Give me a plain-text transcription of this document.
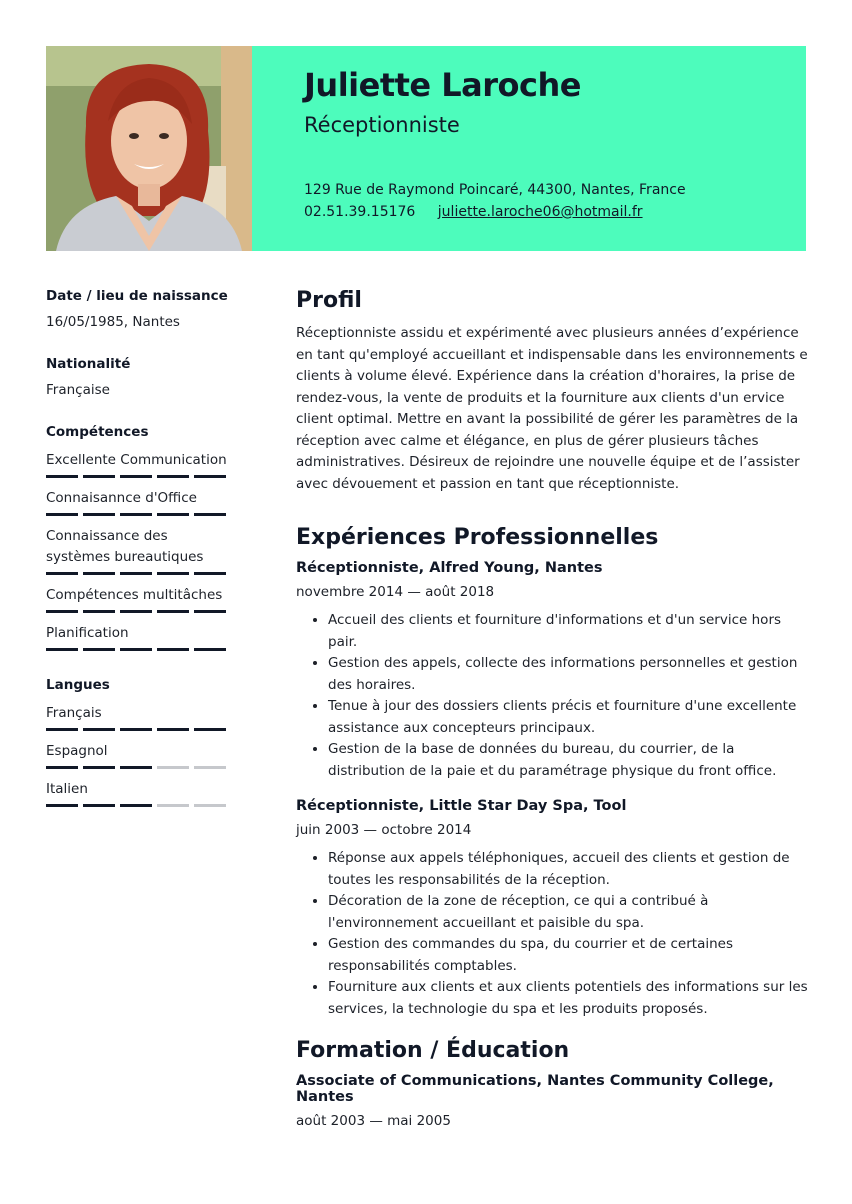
Juliette Laroche
Réceptionniste
129 Rue de Raymond Poincaré, 44300, Nantes, France
02.51.39.15176 juliette.laroche06@hotmail.fr
Date / lieu de naissance
16/05/1985, Nantes
Nationalité
Française
Compétences
Excellente Communication
Connaisannce d'Office
Connaissance des systèmes bureautiques
Compétences multitâches
Planification
Langues
Français
Espagnol
Italien
Profil

Réceptionniste assidu et expérimenté avec plusieurs années d’expérience en tant qu'employé accueillant et indispensable dans les environnements e clients à volume élevé. Expérience dans la création d'horaires, la prise de rendez-vous, la vente de produits et la fourniture aux clients d'un ervice client optimal. Mettre en avant la possibilité de gérer les paramètres de la réception avec calme et élégance, en plus de gérer plusieurs tâches administratives. Désireux de rejoindre une nouvelle équipe et de l’assister avec dévouement et passion en tant que réceptionniste.

Expériences Professionnelles
Réceptionniste, Alfred Young, Nantes
novembre 2014 — août 2018
• Accueil des clients et fourniture d'informations et d'un service hors pair.
• Gestion des appels, collecte des informations personnelles et gestion des horaires.
• Tenue à jour des dossiers clients précis et fourniture d'une excellente assistance aux concepteurs principaux.
• Gestion de la base de données du bureau, du courrier, de la distribution de la paie et du paramétrage physique du front office.
Réceptionniste, Little Star Day Spa, Tool
juin 2003 — octobre 2014
• Réponse aux appels téléphoniques, accueil des clients et gestion de toutes les responsabilités de la réception.
• Décoration de la zone de réception, ce qui a contribué à l'environnement accueillant et paisible du spa.
• Gestion des commandes du spa, du courrier et de certaines responsabilités comptables.
• Fourniture aux clients et aux clients potentiels des informations sur les services, la technologie du spa et les produits proposés.
Formation / Éducation
Associate of Communications, Nantes Community College, Nantes
août 2003 — mai 2005
